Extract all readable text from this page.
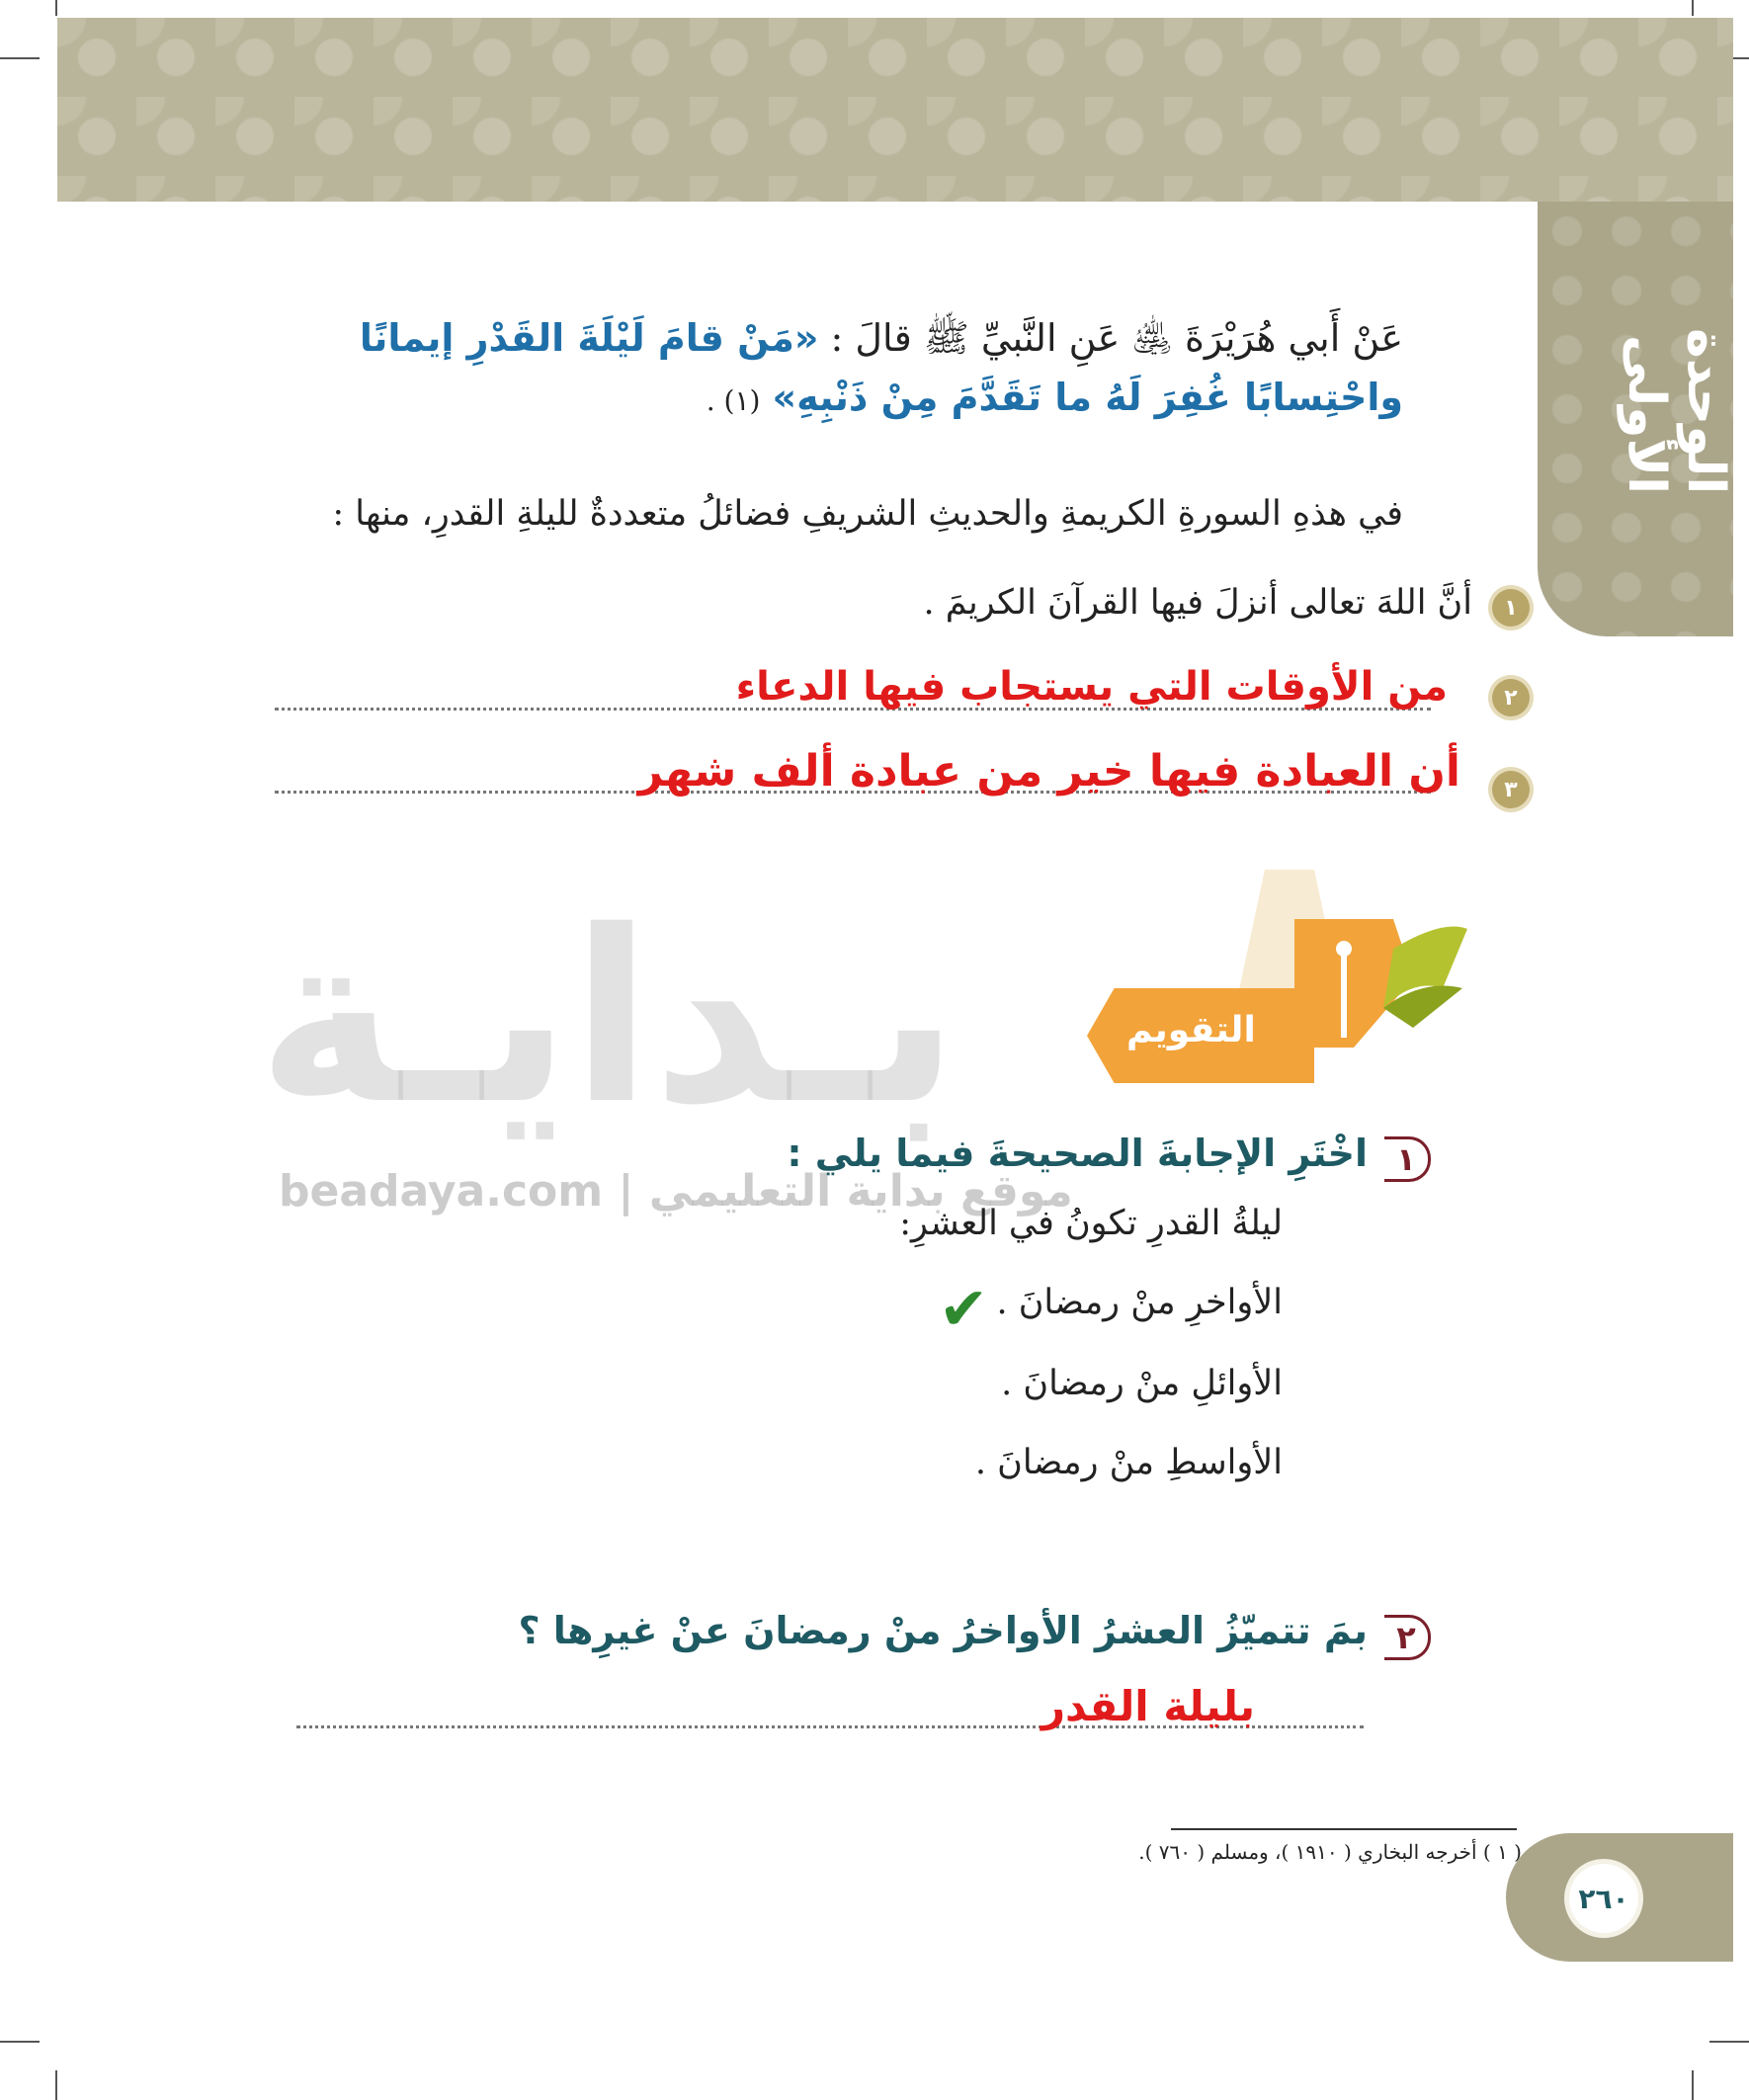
الوحدة الأولى
عَنْ أَبي هُرَيْرَةَ ﵁ عَنِ النَّبيِّ ﷺ قالَ : «مَنْ قامَ لَيْلَةَ القَدْرِ إيمانًا واحْتِسابًا غُفِرَ لَهُ ما تَقَدَّمَ مِنْ ذَنْبِهِ» (١) .
في هذهِ السورةِ الكريمةِ والحديثِ الشريفِ فضائلُ متعددةٌ لليلةِ القدرِ، منها :
١
أنَّ اللهَ تعالى أنزلَ فيها القرآنَ الكريمَ .
٢
من الأوقات التي يستجاب فيها الدعاء
٣
أن العبادة فيها خير من عبادة ألف شهر
بـدايـة
beadaya.com | موقع بداية التعليمي
التقويم
١
اخْتَرِ الإجابةَ الصحيحةَ فيما يلي :
ليلةُ القدرِ تكونُ في العشرِ:
الأواخرِ منْ رمضانَ .
✔
الأوائلِ منْ رمضانَ .
الأواسطِ منْ رمضانَ .
٢
بمَ تتميّزُ العشرُ الأواخرُ منْ رمضانَ عنْ غيرِها ؟
بليلة القدر
( ١ ) أخرجه البخاري ( ١٩١٠ )، ومسلم ( ٧٦٠ ).
٢٦٠
